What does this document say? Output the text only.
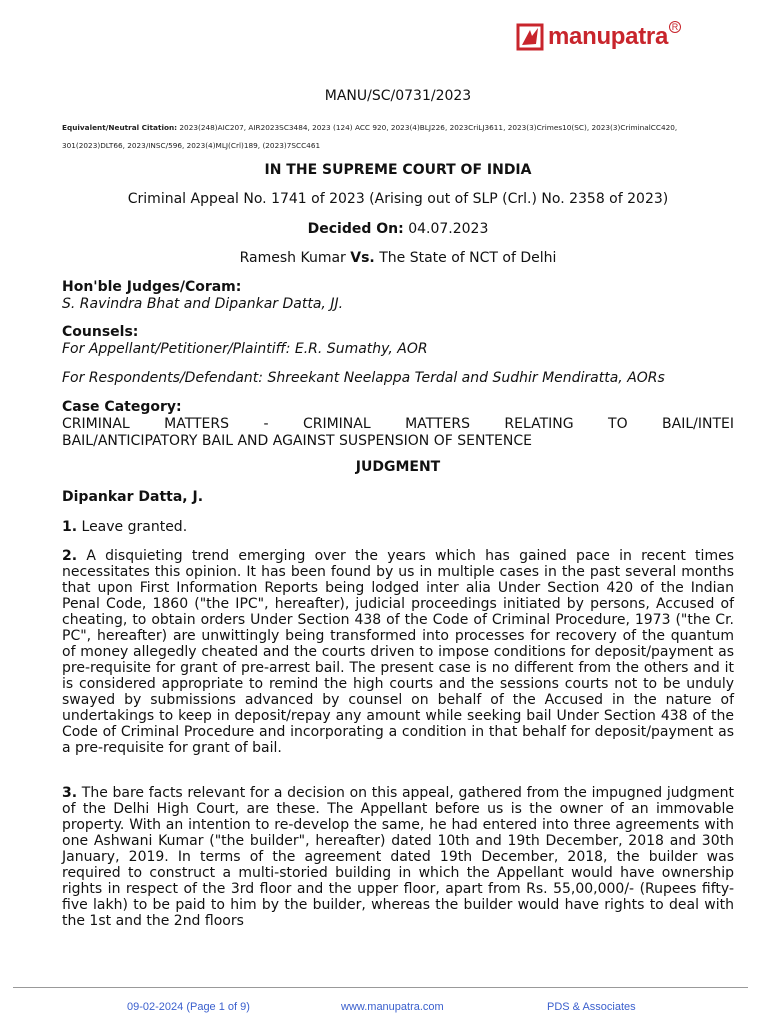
manupatra R
MANU/SC/0731/2023
Equivalent/Neutral Citation: 2023(248)AIC207, AIR2023SC3484, 2023 (124) ACC 920, 2023(4)BLJ226, 2023CriLJ3611, 2023(3)Crimes10(SC), 2023(3)CriminalCC420, 301(2023)DLT66, 2023/INSC/596, 2023(4)MLJ(Crl)189, (2023)7SCC461
IN THE SUPREME COURT OF INDIA
Criminal Appeal No. 1741 of 2023 (Arising out of SLP (Crl.) No. 2358 of 2023)
Decided On: 04.07.2023
Ramesh Kumar Vs. The State of NCT of Delhi
Hon'ble Judges/Coram:
S. Ravindra Bhat and Dipankar Datta, JJ.
Counsels:
For Appellant/Petitioner/Plaintiff: E.R. Sumathy, AOR
For Respondents/Defendant: Shreekant Neelappa Terdal and Sudhir Mendiratta, AORs
Case Category:
CRIMINAL MATTERS - CRIMINAL MATTERS RELATING TO BAIL/INTEI
BAIL/ANTICIPATORY BAIL AND AGAINST SUSPENSION OF SENTENCE
JUDGMENT
Dipankar Datta, J.
1. Leave granted.
2. A disquieting trend emerging over the years which has gained pace in recent times necessitates this opinion. It has been found by us in multiple cases in the past several months that upon First Information Reports being lodged inter alia Under Section 420 of the Indian Penal Code, 1860 ("the IPC", hereafter), judicial proceedings initiated by persons, Accused of cheating, to obtain orders Under Section 438 of the Code of Criminal Procedure, 1973 ("the Cr. PC", hereafter) are unwittingly being transformed into processes for recovery of the quantum of money allegedly cheated and the courts driven to impose conditions for deposit/payment as pre-requisite for grant of pre-arrest bail. The present case is no different from the others and it is considered appropriate to remind the high courts and the sessions courts not to be unduly swayed by submissions advanced by counsel on behalf of the Accused in the nature of undertakings to keep in deposit/repay any amount while seeking bail Under Section 438 of the Code of Criminal Procedure and incorporating a condition in that behalf for deposit/payment as a pre-requisite for grant of bail.
3. The bare facts relevant for a decision on this appeal, gathered from the impugned judgment of the Delhi High Court, are these. The Appellant before us is the owner of an immovable property. With an intention to re-develop the same, he had entered into three agreements with one Ashwani Kumar ("the builder", hereafter) dated 10th and 19th December, 2018 and 30th January, 2019. In terms of the agreement dated 19th December, 2018, the builder was required to construct a multi-storied building in which the Appellant would have ownership rights in respect of the 3rd floor and the upper floor, apart from Rs. 55,00,000/- (Rupees fifty-five lakh) to be paid to him by the builder, whereas the builder would have rights to deal with the 1st and the 2nd floors
09-02-2024 (Page 1 of 9)	www.manupatra.com	PDS & Associates
